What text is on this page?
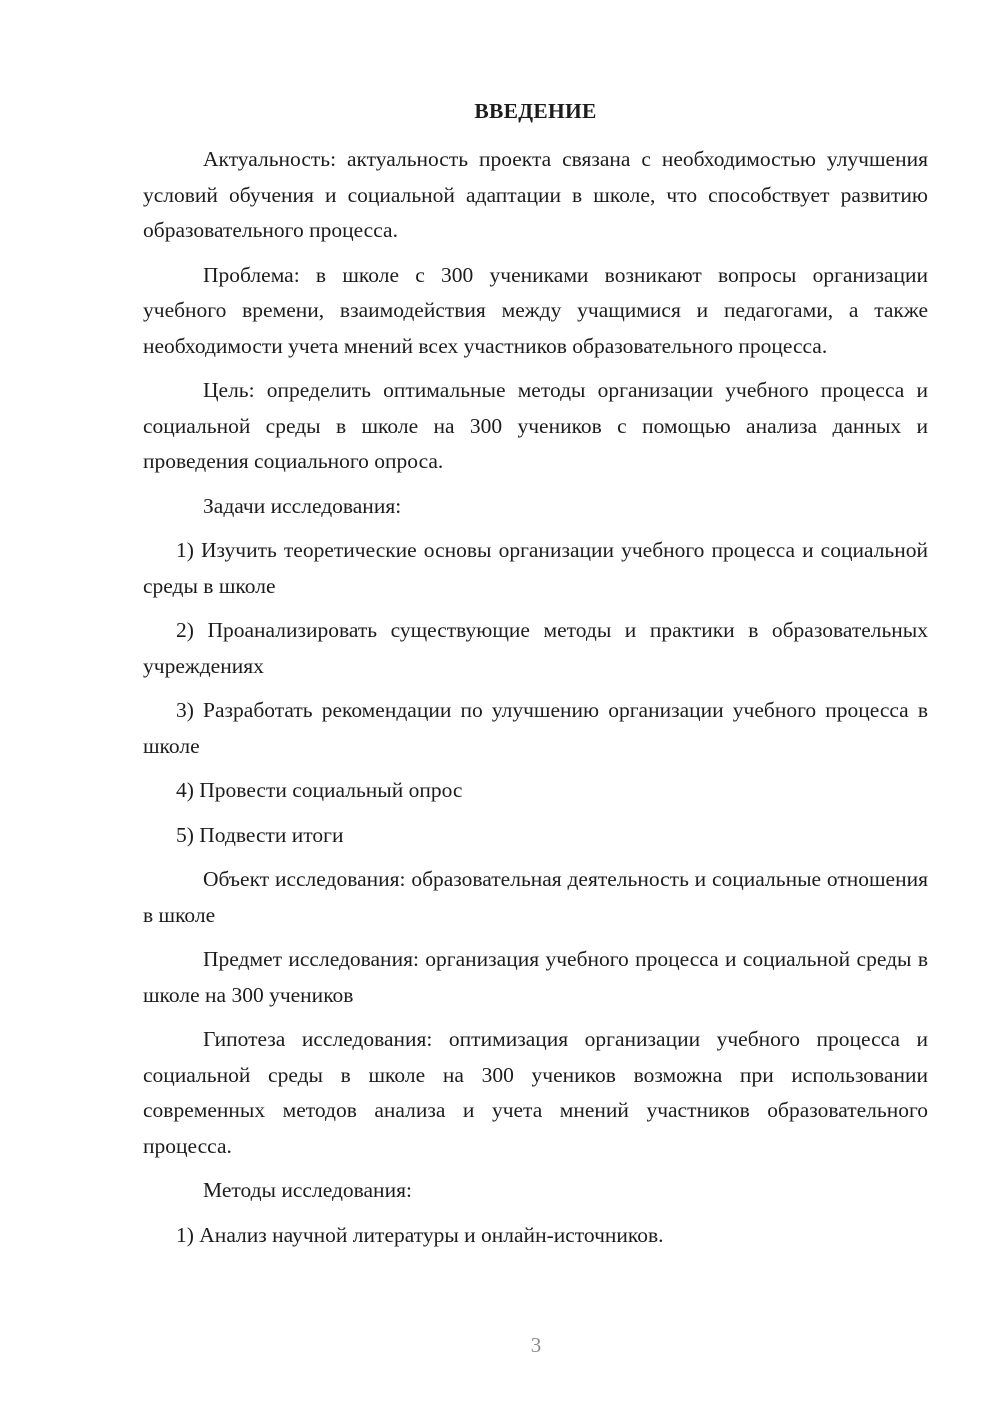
ВВЕДЕНИЕ

Актуальность: актуальность проекта связана с необходимостью улучшения условий обучения и социальной адаптации в школе, что способствует развитию образовательного процесса.

Проблема: в школе с 300 учениками возникают вопросы организации учебного времени, взаимодействия между учащимися и педагогами, а также необходимости учета мнений всех участников образовательного процесса.

Цель: определить оптимальные методы организации учебного процесса и социальной среды в школе на 300 учеников с помощью анализа данных и проведения социального опроса.

Задачи исследования:

1) Изучить теоретические основы организации учебного процесса и социальной среды в школе

2) Проанализировать существующие методы и практики в образовательных учреждениях

3) Разработать рекомендации по улучшению организации учебного процесса в школе

4) Провести социальный опрос

5) Подвести итоги

Объект исследования: образовательная деятельность и социальные отношения в школе

Предмет исследования: организация учебного процесса и социальной среды в школе на 300 учеников

Гипотеза исследования: оптимизация организации учебного процесса и социальной среды в школе на 300 учеников возможна при использовании современных методов анализа и учета мнений участников образовательного процесса.

Методы исследования:

1) Анализ научной литературы и онлайн-источников.

3
